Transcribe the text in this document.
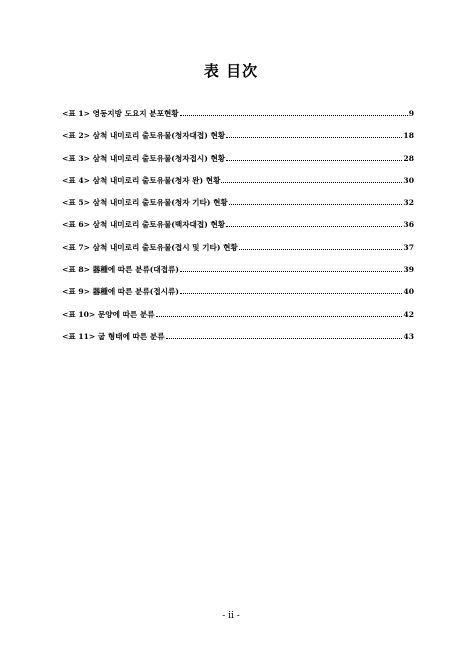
表 目次
<표 1> 영동지방 도요지 분포현황	9
<표 2> 삼척 내미로리 출토유물(청자대접) 현황	18
<표 3> 삼척 내미로리 출토유물(청자접시) 현황	28
<표 4> 삼척 내미로리 출토유물(청자 완) 현황	30
<표 5> 삼척 내미로리 출토유물(청자 기타) 현황	32
<표 6> 삼척 내미로리 출토유물(백자대접) 현황	36
<표 7> 삼척 내미로리 출토유물(접시 및 기타) 현황	37
<표 8> 器種에 따른 분류(대접류)	39
<표 9> 器種에 따른 분류(접시류)	40
<표 10> 문양에 따른 분류	42
<표 11> 굽 형태에 따른 분류	43
- ii -
